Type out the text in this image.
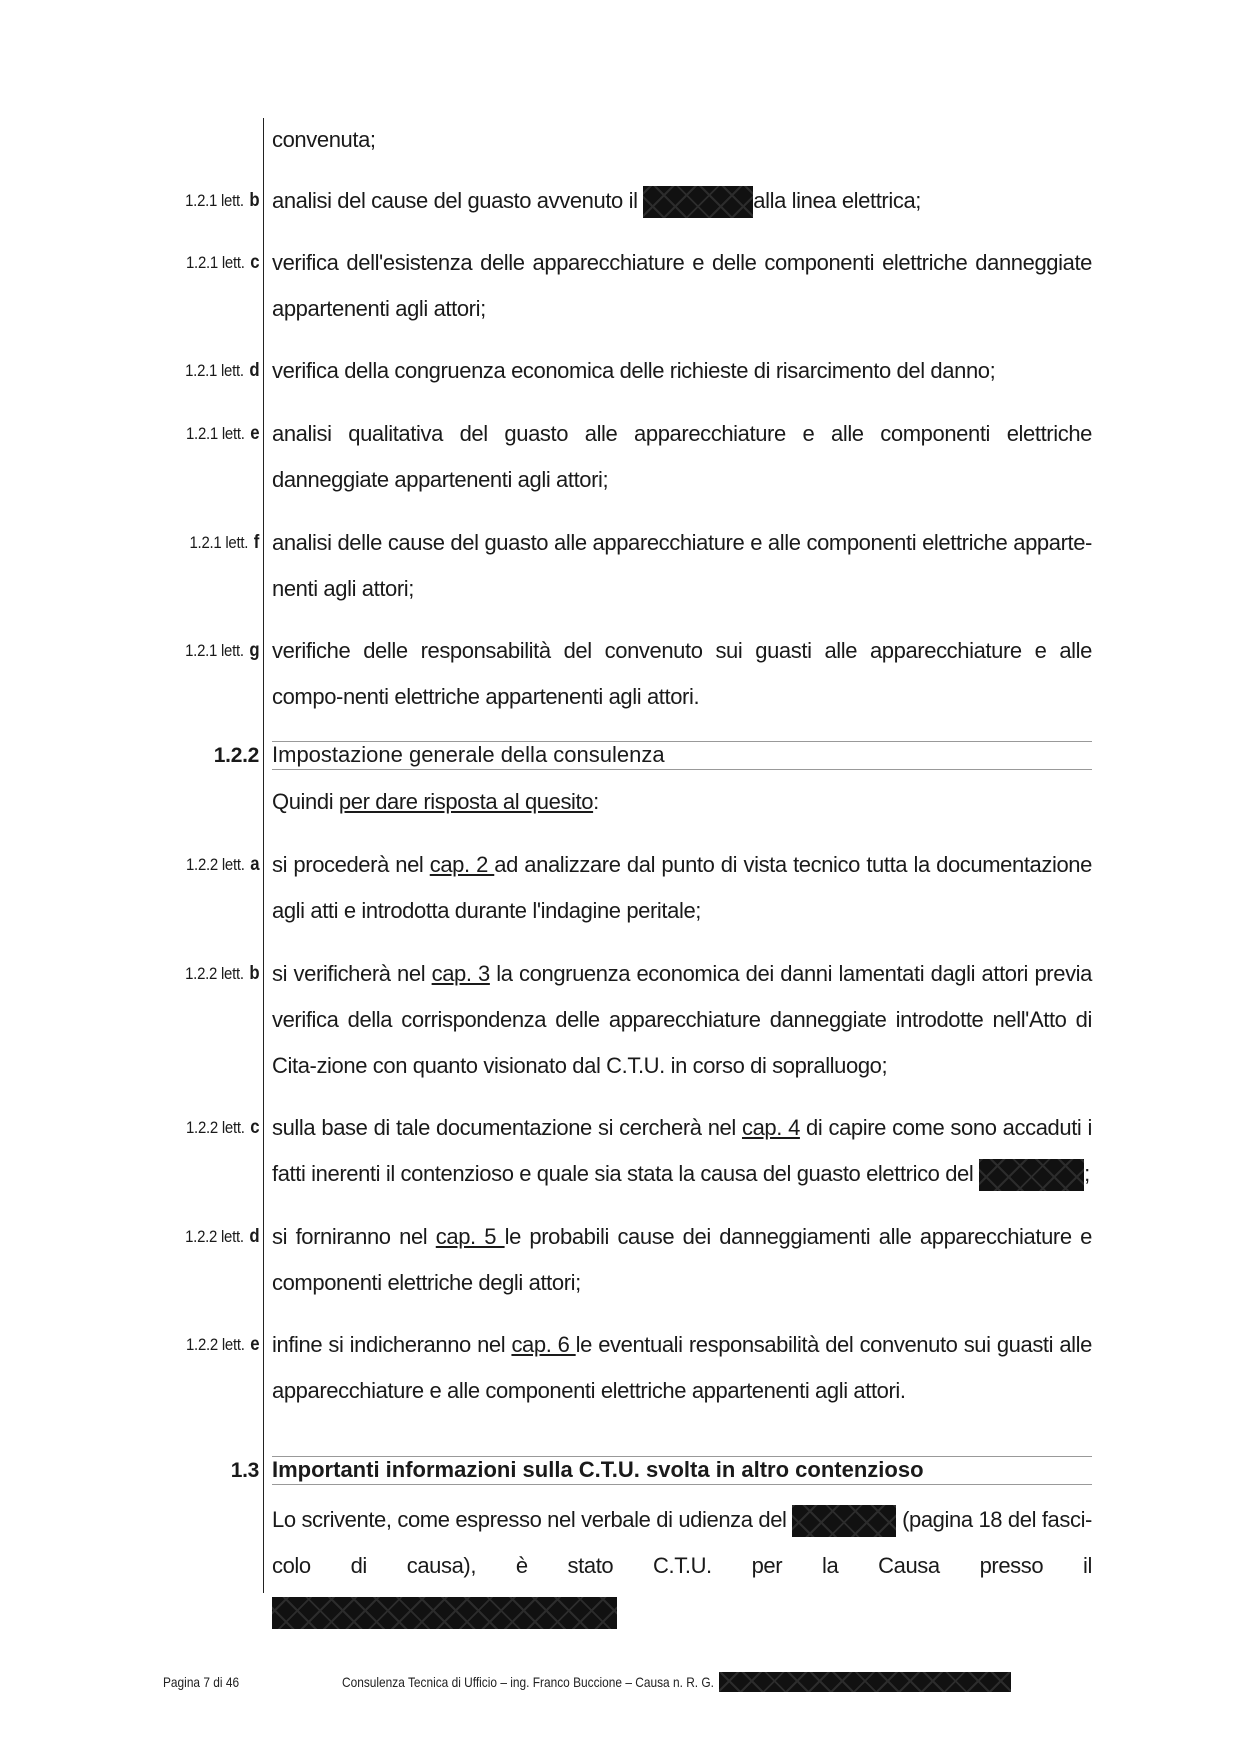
convenuta;
1.2.1 lett. b analisi del cause del guasto avvenuto il	alla linea elettrica;
1.2.1 lett. c verifica dell'esistenza delle apparecchiature e delle componenti elettriche danneggiate appartenenti agli attori;
1.2.1 lett. d verifica della congruenza economica delle richieste di risarcimento del danno;
1.2.1 lett. e analisi qualitativa del guasto alle apparecchiature e alle componenti elettriche danneggiate appartenenti agli attori;
1.2.1 lett. f analisi delle cause del guasto alle apparecchiature e alle componenti elettriche apparte-nenti agli attori;
1.2.1 lett. g verifiche delle responsabilità del convenuto sui guasti alle apparecchiature e alle compo-nenti elettriche appartenenti agli attori.
1.2.2 Impostazione generale della consulenza
Quindi per dare risposta al quesito:
1.2.2 lett. a si procederà nel cap. 2 ad analizzare dal punto di vista tecnico tutta la documentazione agli atti e introdotta durante l'indagine peritale;
1.2.2 lett. b si verificherà nel cap. 3 la congruenza economica dei danni lamentati dagli attori previa verifica della corrispondenza delle apparecchiature danneggiate introdotte nell'Atto di Cita-zione con quanto visionato dal C.T.U. in corso di sopralluogo;
1.2.2 lett. c sulla base di tale documentazione si cercherà nel cap. 4 di capire come sono accaduti i fatti inerenti il contenzioso e quale sia stata la causa del guasto elettrico del	;
1.2.2 lett. d si forniranno nel cap. 5 le probabili cause dei danneggiamenti alle apparecchiature e componenti elettriche degli attori;
1.2.2 lett. e infine si indicheranno nel cap. 6 le eventuali responsabilità del convenuto sui guasti alle apparecchiature e alle componenti elettriche appartenenti agli attori.
1.3 Importanti informazioni sulla C.T.U. svolta in altro contenzioso
Lo scrivente, come espresso nel verbale di udienza del	(pagina 18 del fasci-colo di causa), è stato C.T.U. per la Causa presso il
Pagina 7 di 46	Consulenza Tecnica di Ufficio – ing. Franco Buccione – Causa n. R. G.
